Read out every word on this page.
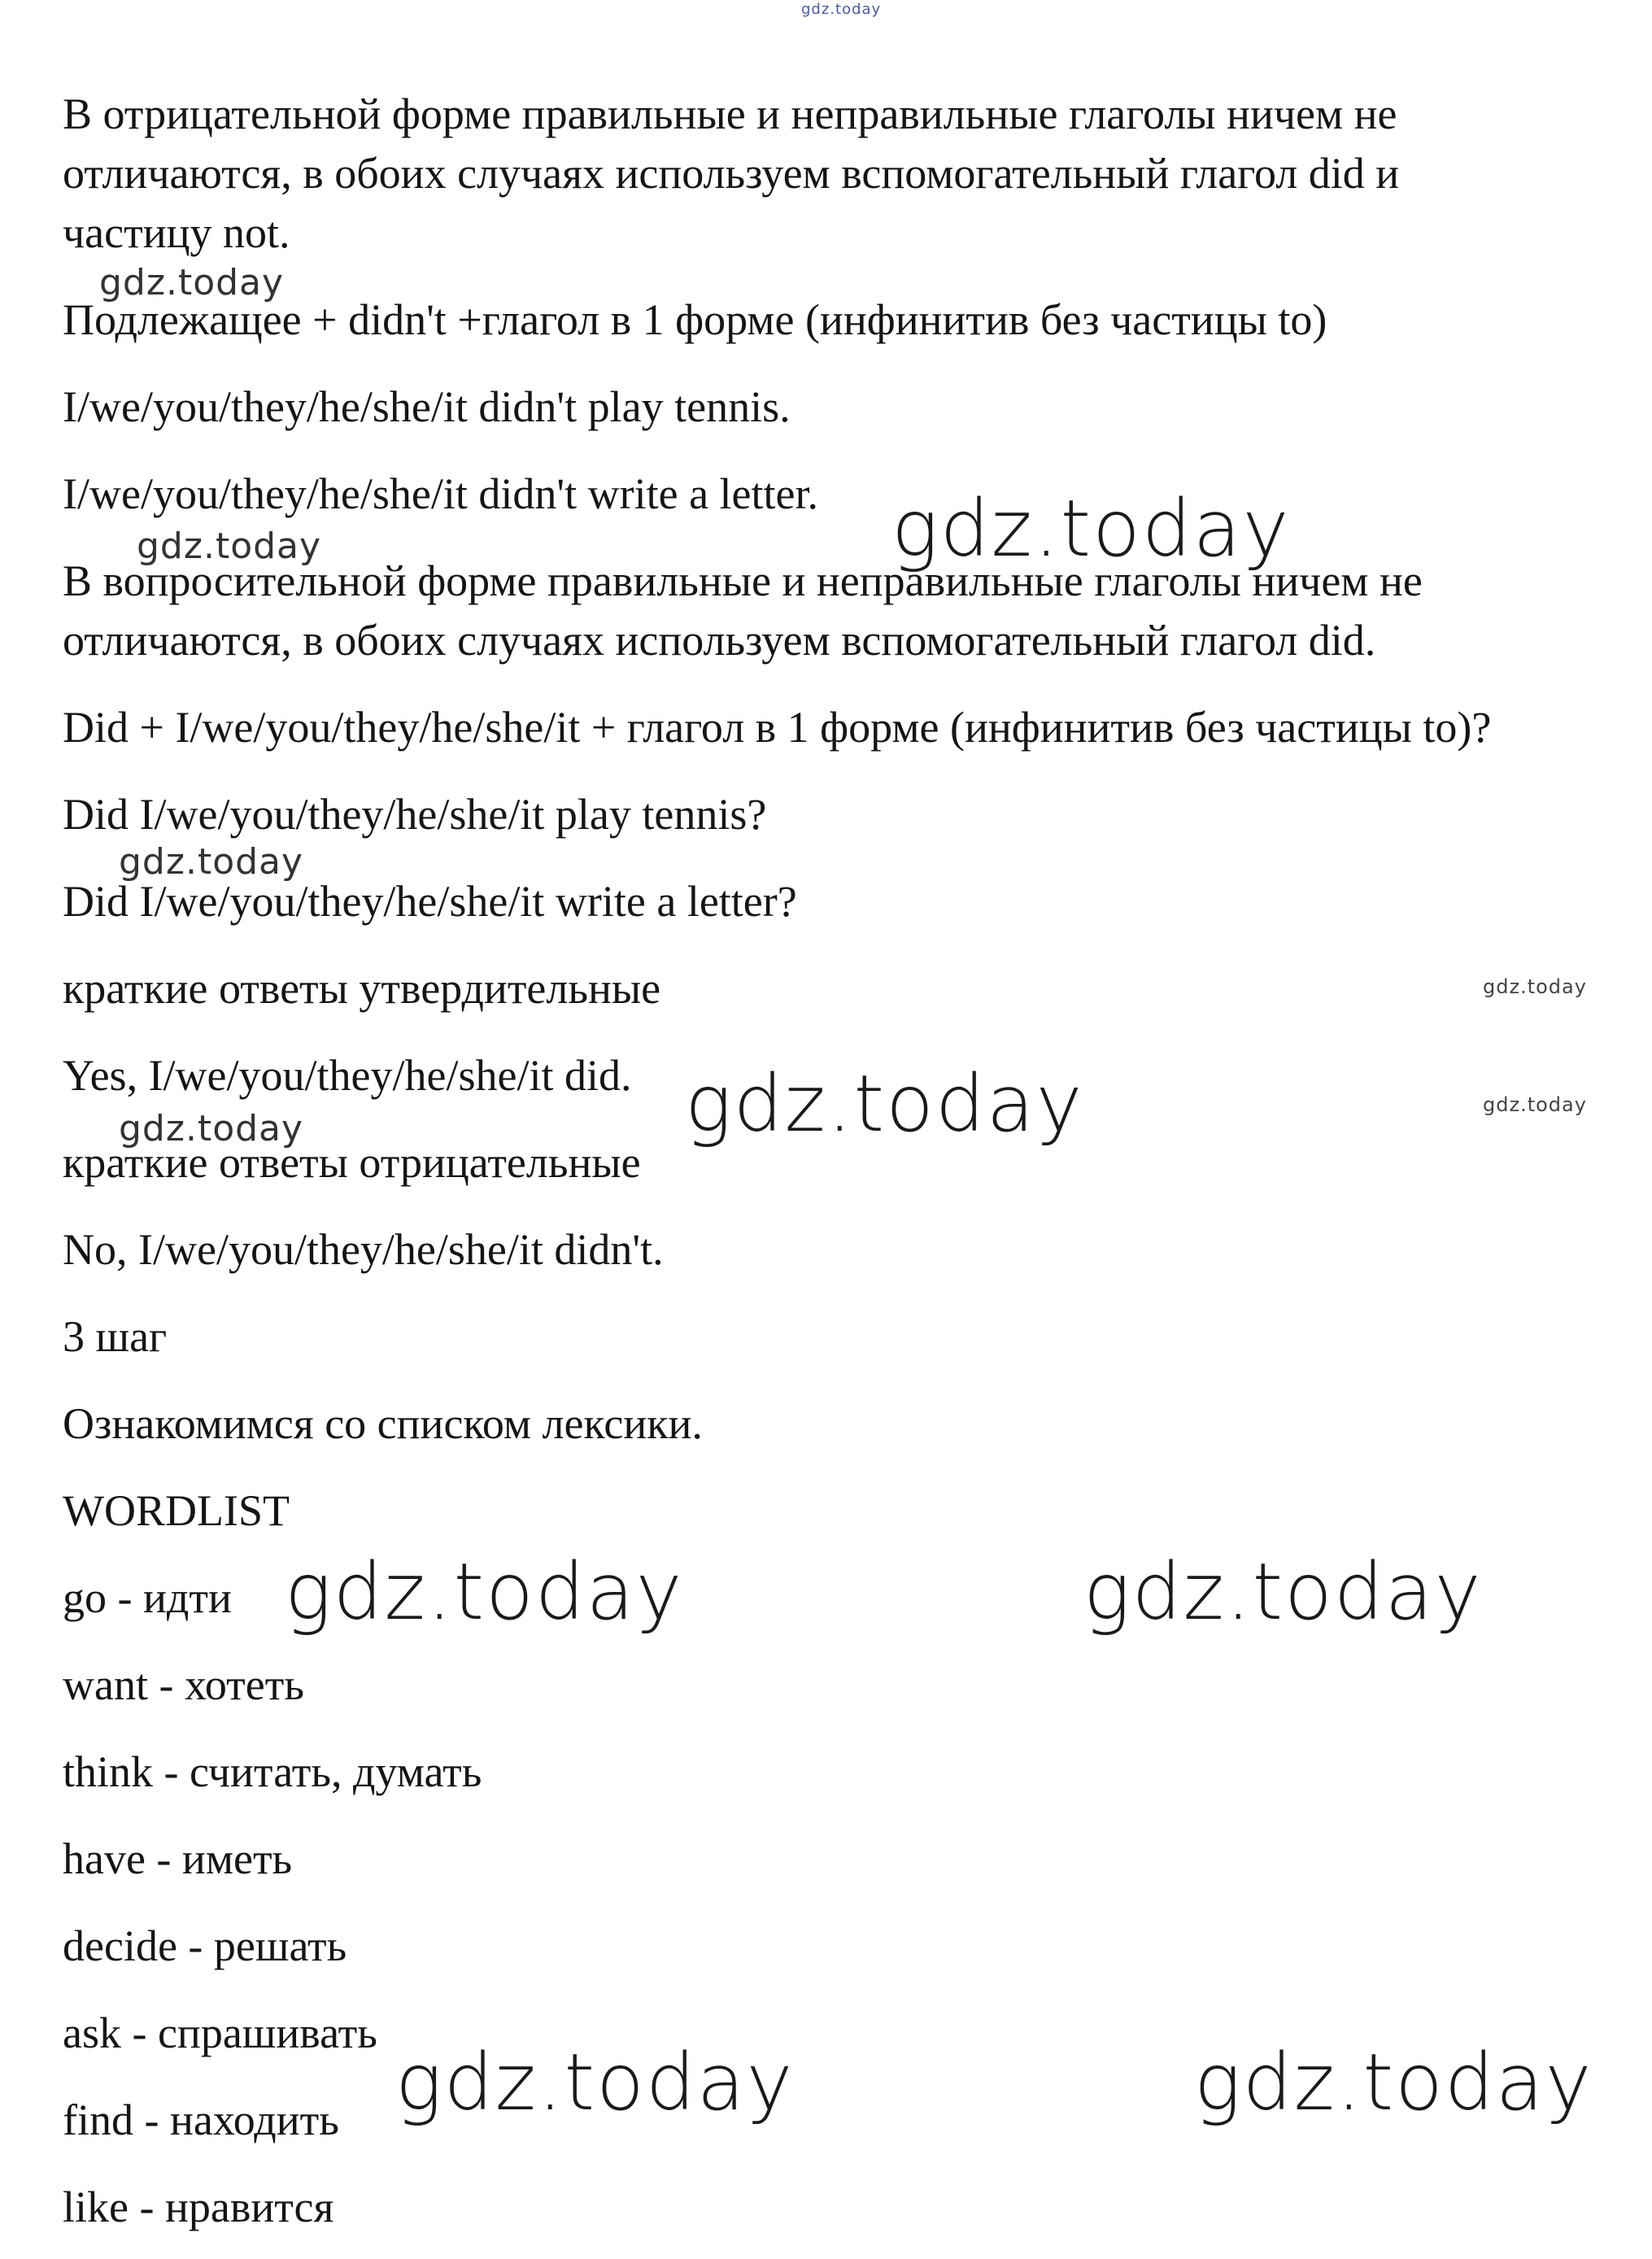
gdz.today
В отрицательной форме правильные и неправильные глаголы ничем не
отличаются, в обоих случаях используем вспомогательный глагол did и
частицу not.
gdz.today
Подлежащее + didn't +глагол в 1 форме (инфинитив без частицы to)
I/we/you/they/he/she/it didn't play tennis.
I/we/you/they/he/she/it didn't write a letter. gdz.today
gdz.today
В вопросительной форме правильные и неправильные глаголы ничем не
отличаются, в обоих случаях используем вспомогательный глагол did.
Did + I/we/you/they/he/she/it + глагол в 1 форме (инфинитив без частицы to)?
Did I/we/you/they/he/she/it play tennis?
gdz.today
Did I/we/you/they/he/she/it write a letter?
краткие ответы утвердительные	gdz.today
Yes, I/we/you/they/he/she/it did. gdz.today	gdz.today
gdz.today
краткие ответы отрицательные
No, I/we/you/they/he/she/it didn't.
3 шаг
Ознакомимся со списком лексики.
WORDLIST
go - идти gdz.today	gdz.today
want - хотеть
think - считать, думать
have - иметь
decide - решать
ask - спрашивать
gdz.today	gdz.today
find - находить
like - нравится
